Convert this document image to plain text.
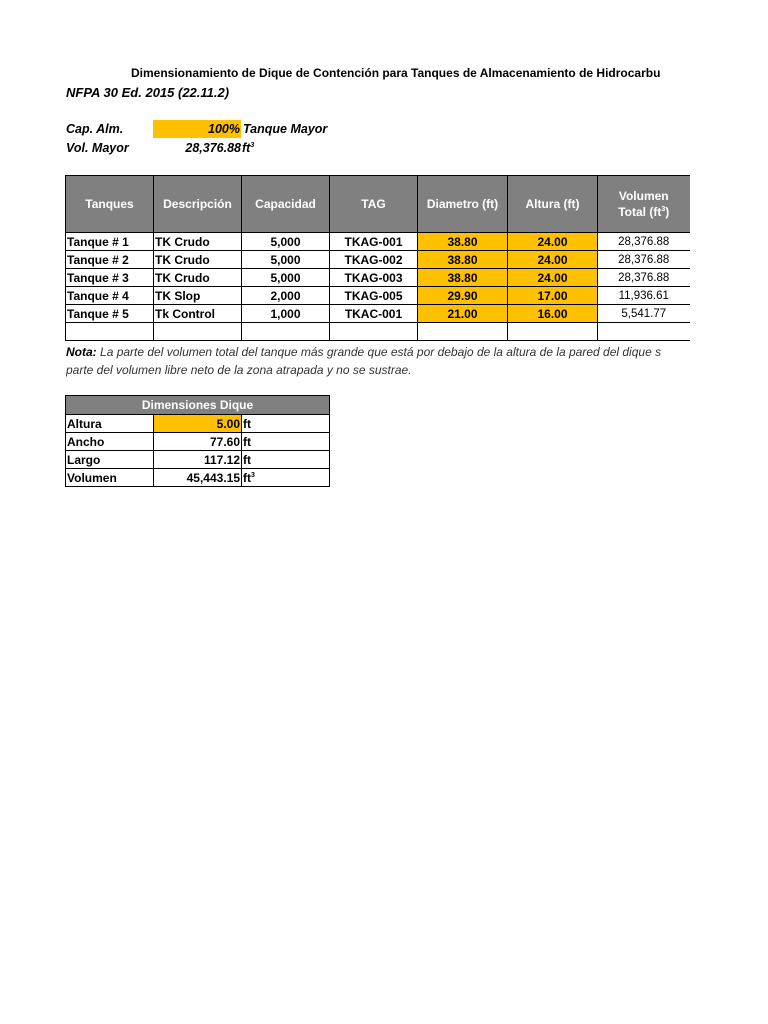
Dimensionamiento de Dique de Contención para Tanques de Almacenamiento de Hidrocarbu
NFPA 30 Ed. 2015 (22.11.2)
Cap. Alm.	100% Tanque Mayor
Vol. Mayor	28,376.88 $ft^3$
Tanques	Descripción	Capacidad	TAG	Diametro (ft)	Altura (ft)	Volumen
Total $(ft^3)$
Tanque # 1	TK Crudo	5,000	TKAG-001	38.80	24.00	28,376.88
Tanque # 2	TK Crudo	5,000	TKAG-002	38.80	24.00	28,376.88
Tanque # 3	TK Crudo	5,000	TKAG-003	38.80	24.00	28,376.88
Tanque # 4	TK Slop	2,000	TKAG-005	29.90	17.00	11,936.61
Tanque # 5	Tk Control	1,000	TKAC-001	21.00	16.00	5,541.77

Nota: La parte del volumen total del tanque más grande que está por debajo de la altura de la pared del dique s
parte del volumen libre neto de la zona atrapada y no se sustrae.
Dimensiones Dique		
Altura	5.00	ft
Ancho	77.60	ft
Largo	117.12	ft
Volumen	45,443.15	$ft^3$
